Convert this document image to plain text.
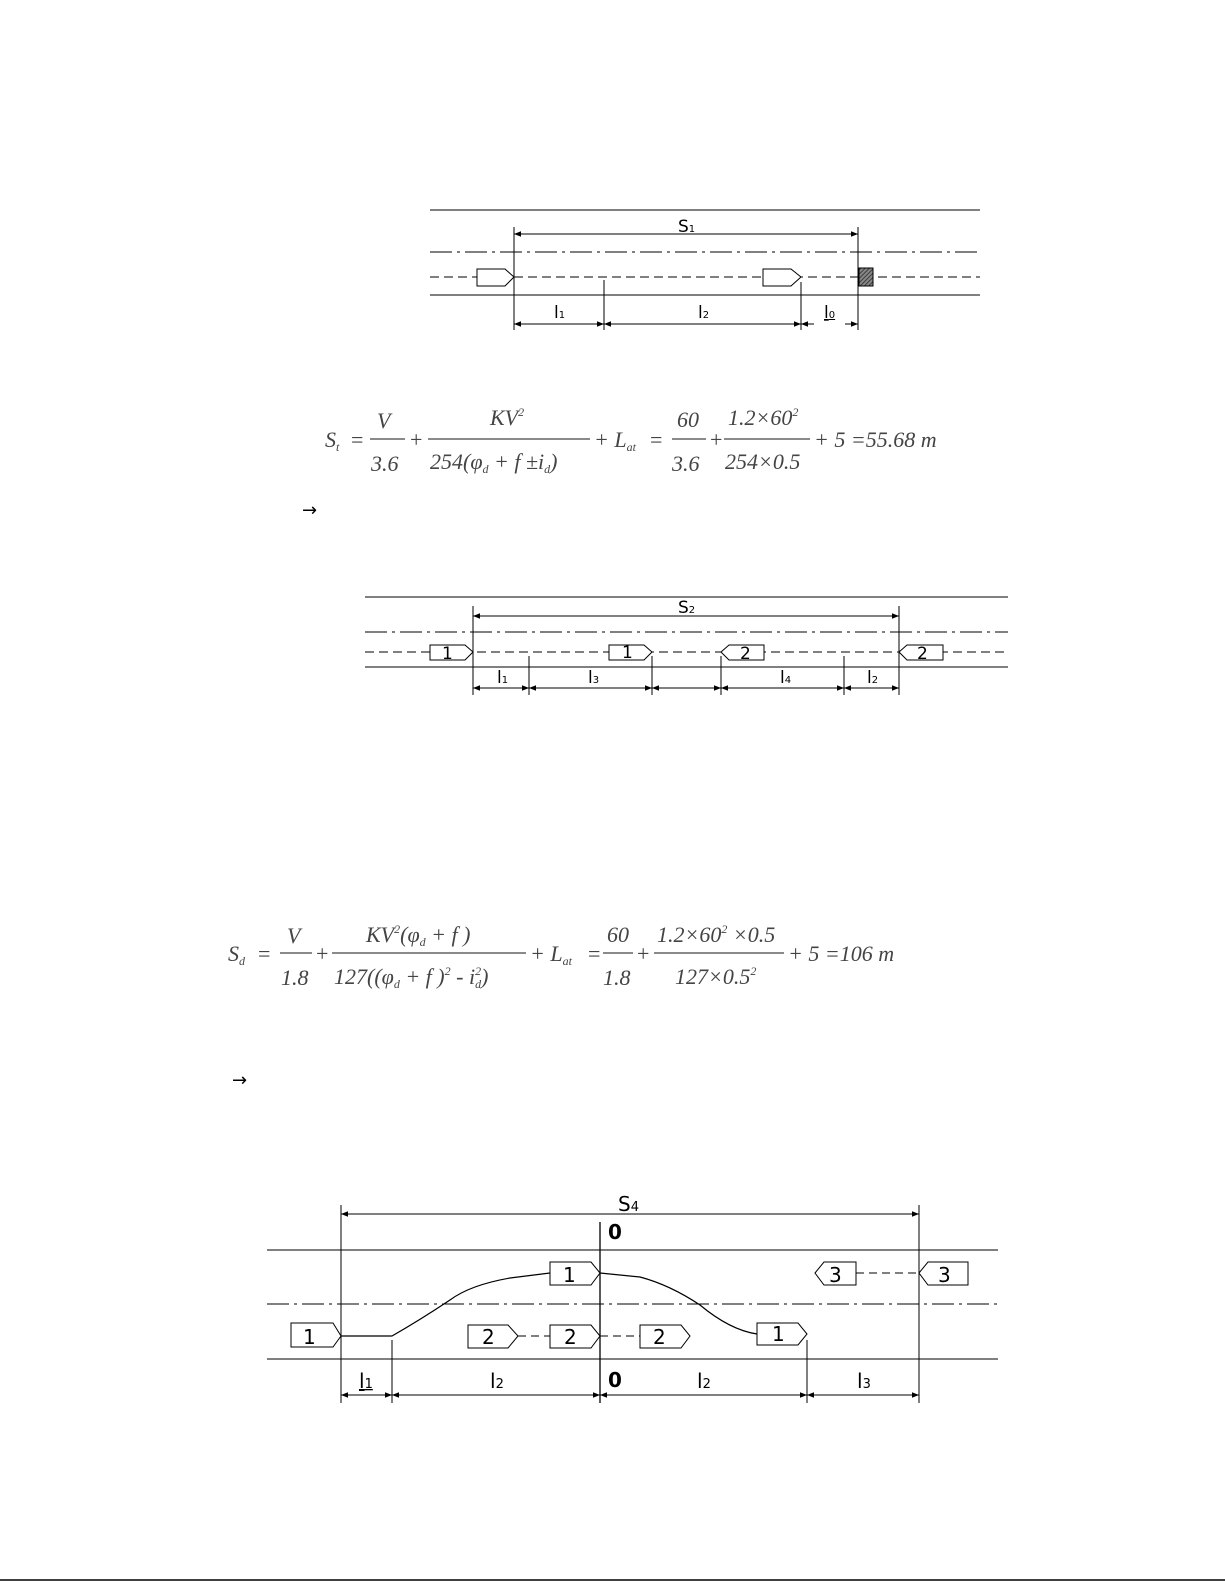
S1
l1	l2	l0
St =
V
3.6
+
$KV^2$
254(φd + f ±id)
+ Lat =
60
3.6
+
$1.2\times 60^2$
254×0.5
+ 5 =55.68 m
S2
1	1	2	2
l1	l3	l4	l2
Sd =
V
1.8
+
$KV^2(\varphi d + f$ )
127((φd + f )$^2 - i^2$ d)
+ Lat =
60
1.8
+
$1.2\times 60^2 \times 0.5$
$127\times 0.5^2$
+ 5 =106 m
S4
0
0
1
1
1
2	2	2
3	3
l1	l2	l2	l3
→
→
